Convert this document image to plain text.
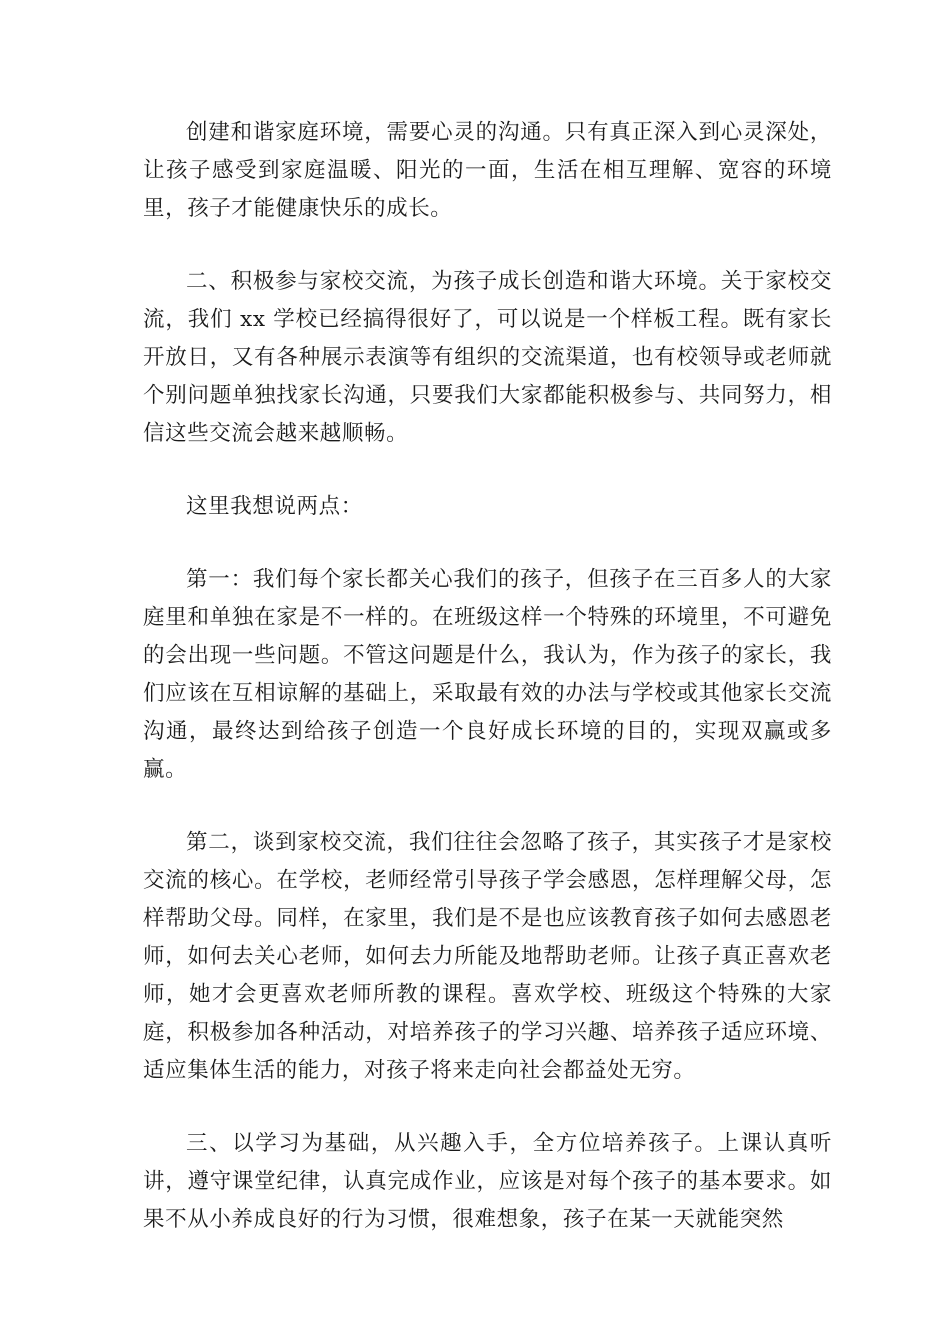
创建和谐家庭环境，需要心灵的沟通。只有真正深入到心灵深处，让孩子感受到家庭温暖、阳光的一面，生活在相互理解、宽容的环境里，孩子才能健康快乐的成长。

二、积极参与家校交流，为孩子成长创造和谐大环境。关于家校交流，我们 xx 学校已经搞得很好了，可以说是一个样板工程。既有家长开放日，又有各种展示表演等有组织的交流渠道，也有校领导或老师就个别问题单独找家长沟通，只要我们大家都能积极参与、共同努力，相信这些交流会越来越顺畅。

这里我想说两点：

第一：我们每个家长都关心我们的孩子，但孩子在三百多人的大家庭里和单独在家是不一样的。在班级这样一个特殊的环境里，不可避免的会出现一些问题。不管这问题是什么，我认为，作为孩子的家长，我们应该在互相谅解的基础上，采取最有效的办法与学校或其他家长交流沟通，最终达到给孩子创造一个良好成长环境的目的，实现双赢或多赢。

第二，谈到家校交流，我们往往会忽略了孩子，其实孩子才是家校交流的核心。在学校，老师经常引导孩子学会感恩，怎样理解父母，怎样帮助父母。同样，在家里，我们是不是也应该教育孩子如何去感恩老师，如何去关心老师，如何去力所能及地帮助老师。让孩子真正喜欢老师，她才会更喜欢老师所教的课程。喜欢学校、班级这个特殊的大家庭，积极参加各种活动，对培养孩子的学习兴趣、培养孩子适应环境、适应集体生活的能力，对孩子将来走向社会都益处无穷。

三、以学习为基础，从兴趣入手，全方位培养孩子。上课认真听讲，遵守课堂纪律，认真完成作业，应该是对每个孩子的基本要求。如果不从小养成良好的行为习惯，很难想象，孩子在某一天就能突然
